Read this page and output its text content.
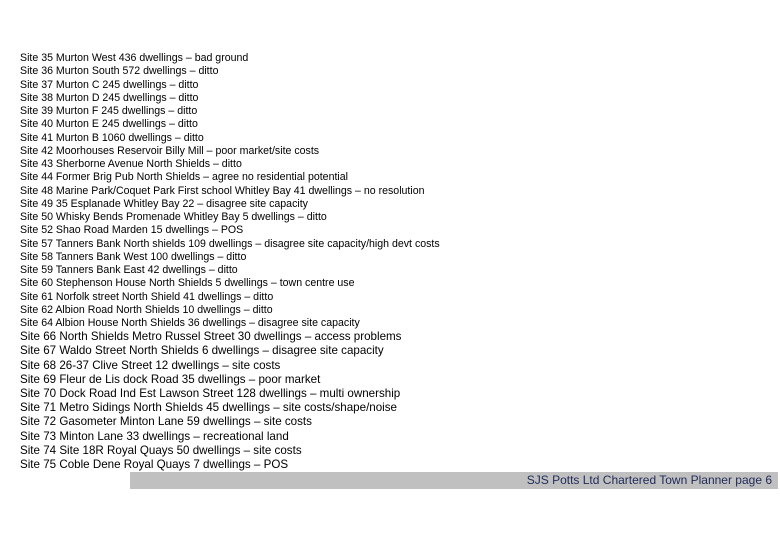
Site 35 Murton West 436 dwellings – bad ground
Site 36 Murton South 572 dwellings – ditto
Site 37 Murton C 245 dwellings – ditto
Site 38 Murton D 245 dwellings – ditto
Site 39 Murton F 245 dwellings – ditto
Site 40 Murton E 245 dwellings – ditto
Site 41 Murton B 1060 dwellings – ditto
Site 42 Moorhouses Reservoir Billy Mill – poor market/site costs
Site 43 Sherborne Avenue North Shields – ditto
Site 44 Former Brig Pub North Shields – agree no residential potential
Site 48 Marine Park/Coquet Park First school Whitley Bay 41 dwellings – no resolution
Site 49 35 Esplanade Whitley Bay 22 – disagree site capacity
Site 50 Whisky Bends Promenade Whitley Bay 5 dwellings – ditto
Site 52 Shao Road Marden 15 dwellings – POS
Site 57 Tanners Bank North shields 109 dwellings – disagree site capacity/high devt costs
Site 58 Tanners Bank West 100 dwellings – ditto
Site 59 Tanners Bank East 42 dwellings – ditto
Site 60 Stephenson House North Shields 5 dwellings – town centre use
Site 61 Norfolk street North Shield 41 dwellings – ditto
Site 62 Albion Road North Shields 10 dwellings – ditto
Site 64 Albion House North Shields 36 dwellings – disagree site capacity
Site 66 North Shields Metro Russel Street 30 dwellings – access problems
Site 67 Waldo Street North Shields 6 dwellings – disagree site capacity
Site 68 26-37 Clive Street 12 dwellings – site costs
Site 69 Fleur de Lis dock Road 35 dwellings – poor market
Site 70 Dock Road Ind Est Lawson Street 128 dwellings – multi ownership
Site 71 Metro Sidings North Shields 45 dwellings – site costs/shape/noise
Site 72 Gasometer Minton Lane 59 dwellings – site costs
Site 73 Minton Lane 33 dwellings – recreational land
Site 74 Site 18R Royal Quays 50 dwellings – site costs
Site 75 Coble Dene Royal Quays 7 dwellings – POS
SJS Potts Ltd Chartered Town Planner page 6
